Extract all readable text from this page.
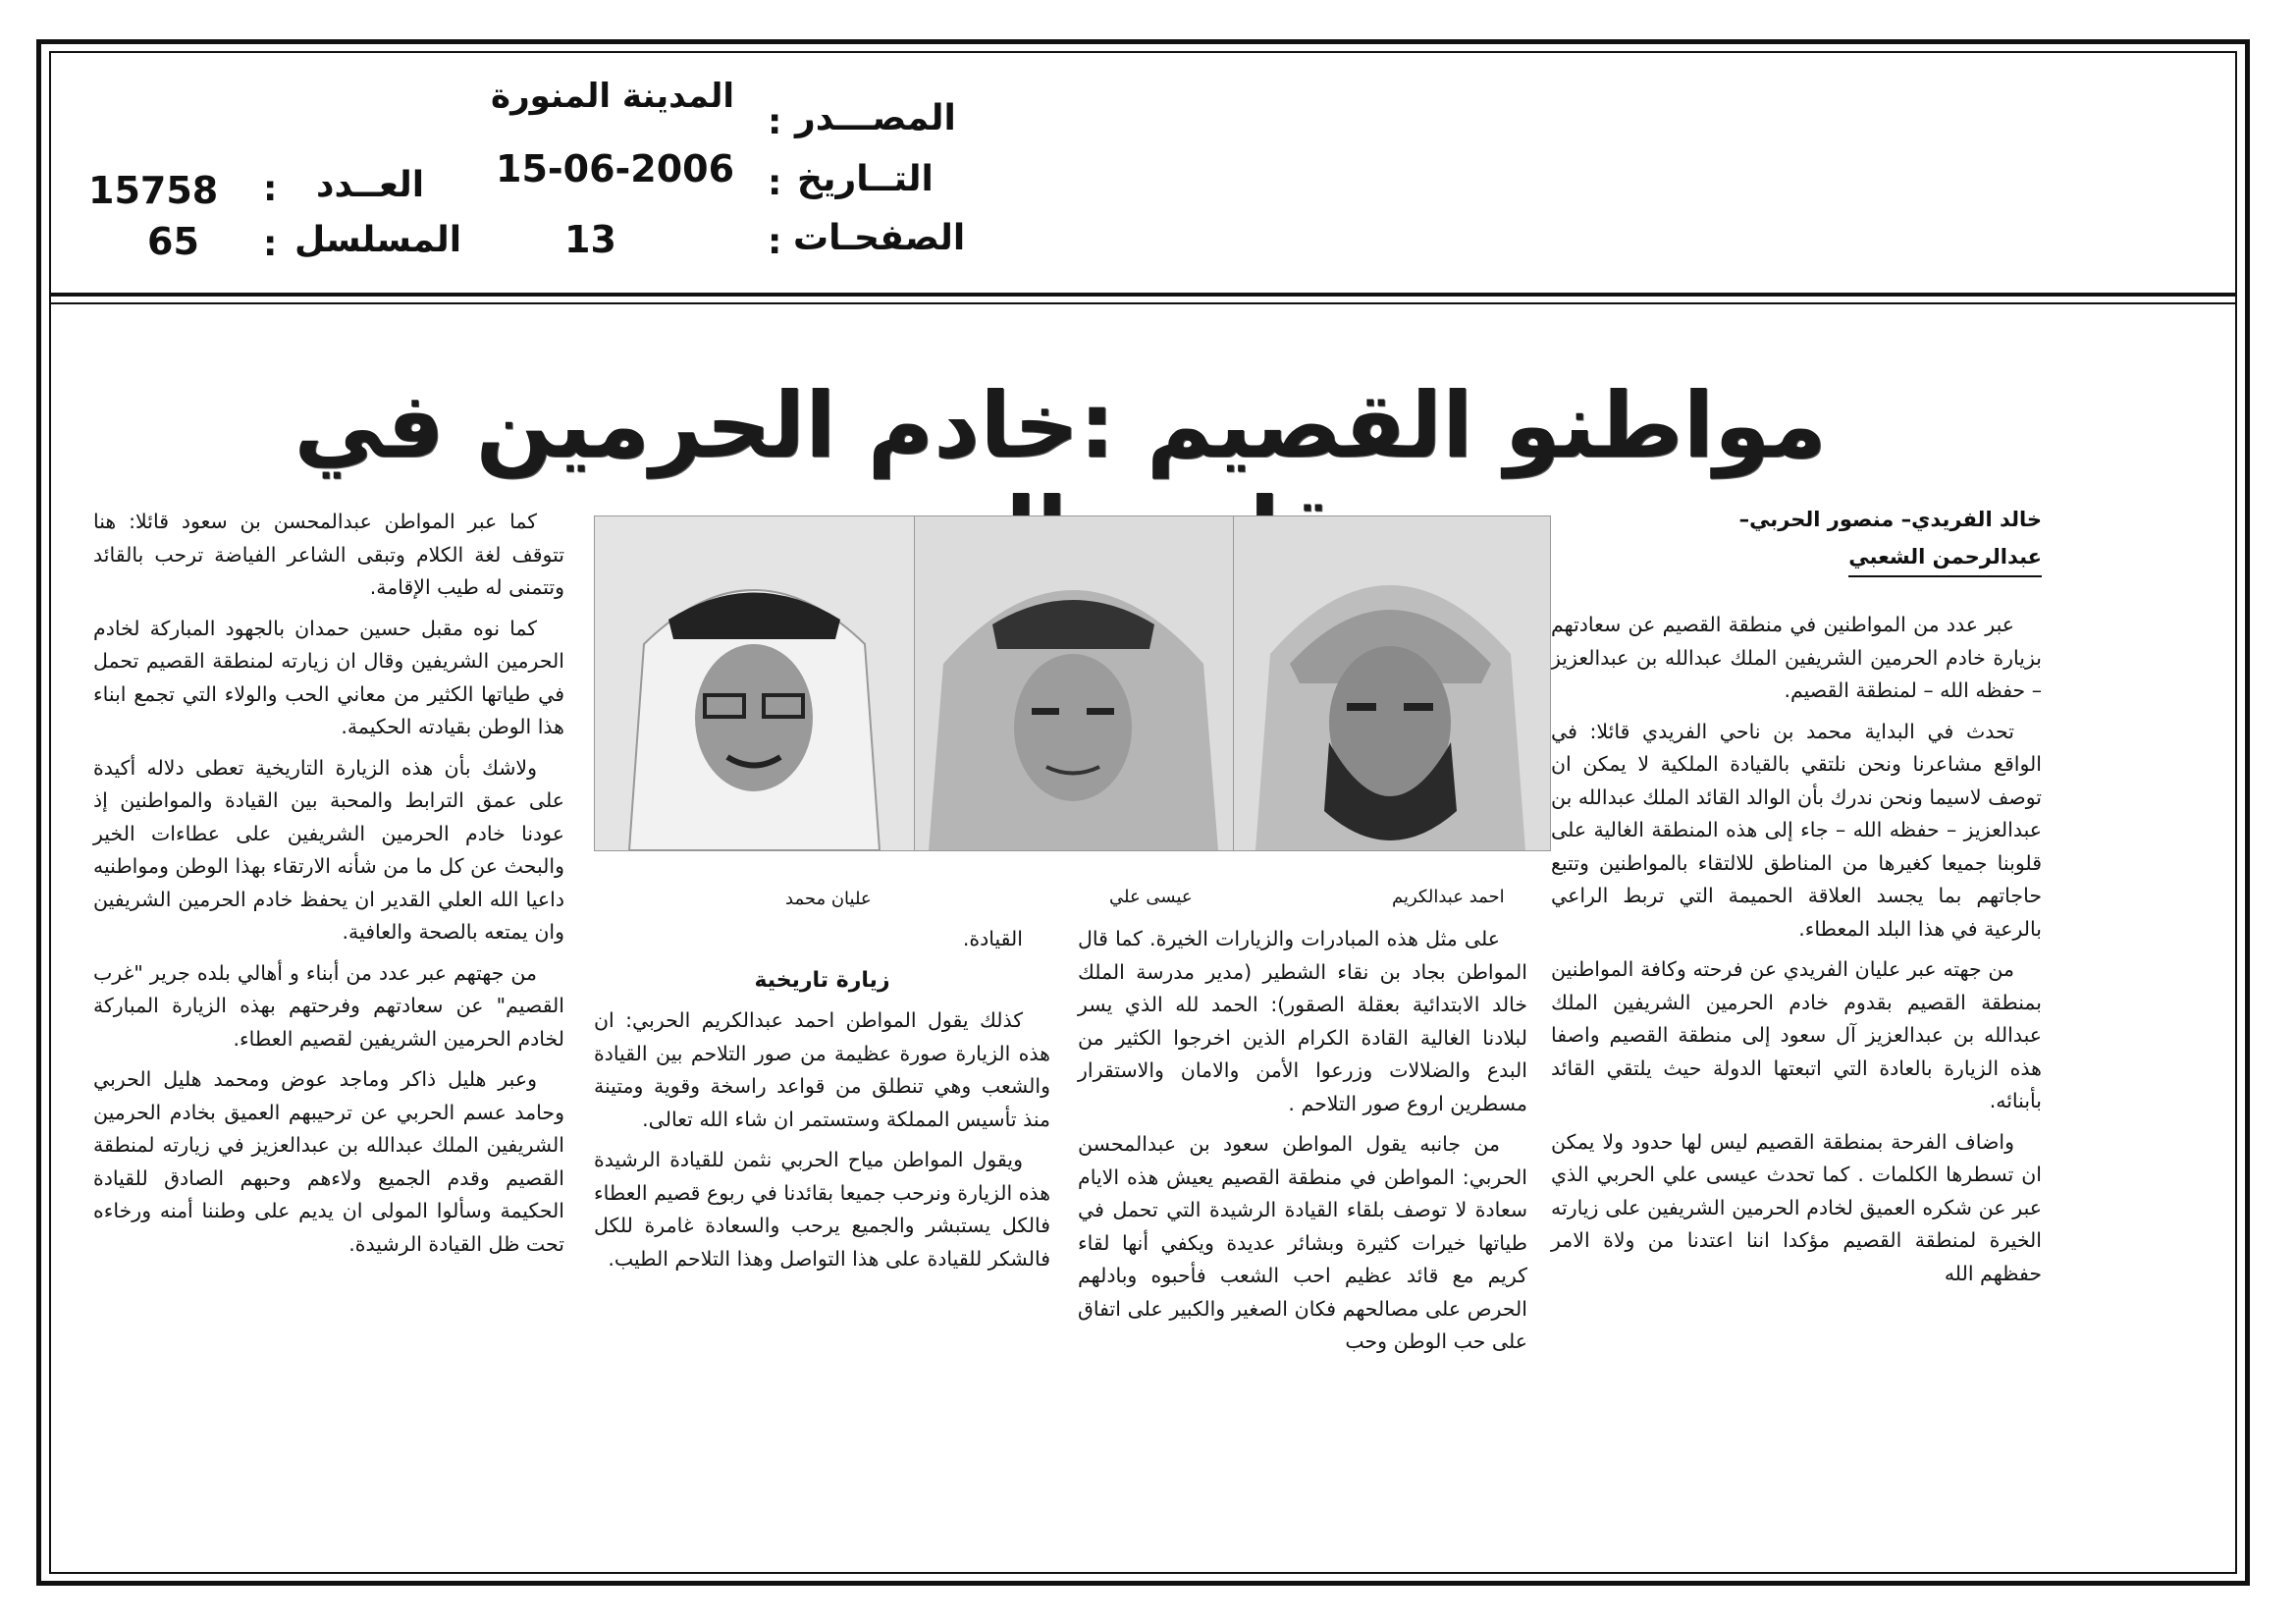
المصـــدر
:
المدينة المنورة
التــاريخ
:
15-06-2006
الصفحـات
:
13
العــدد
:
15758
المسلسل
:
65
مواطنو القصيم :خادم الحرمين في
خالد الفريدي– منصور الحربي–
عبدالرحمن الشعبي

عبر عدد من المواطنين في منطقة القصيم عن سعادتهم بزيارة خادم الحرمين الشريفين الملك عبدالله بن عبدالعزيز – حفظه الله – لمنطقة القصيم.

تحدث في البداية محمد بن ناحي الفريدي قائلا: في الواقع مشاعرنا ونحن نلتقي بالقيادة الملكية لا يمكن ان توصف لاسيما ونحن ندرك بأن الوالد القائد الملك عبدالله بن عبدالعزيز – حفظه الله – جاء إلى هذه المنطقة الغالية على قلوبنا جميعا كغيرها من المناطق للالتقاء بالمواطنين وتتبع حاجاتهم بما يجسد العلاقة الحميمة التي تربط الراعي بالرعية في هذا البلد المعطاء.

من جهته عبر عليان الفريدي عن فرحته وكافة المواطنين بمنطقة القصيم بقدوم خادم الحرمين الشريفين الملك عبدالله بن عبدالعزيز آل سعود إلى منطقة القصيم واصفا هذه الزيارة بالعادة التي اتبعتها الدولة حيث يلتقي القائد بأبنائه.

واضاف الفرحة بمنطقة القصيم ليس لها حدود ولا يمكن ان تسطرها الكلمات . كما تحدث عيسى علي الحربي الذي عبر عن شكره العميق لخادم الحرمين الشريفين على زيارته الخيرة لمنطقة القصيم مؤكدا اننا اعتدنا من ولاة الامر حفظهم الله

احمد عبدالكريم
عيسى علي
عليان محمد

على مثل هذه المبادرات والزيارات الخيرة. كما قال المواطن بجاد بن نقاء الشطير (مدير مدرسة الملك خالد الابتدائية بعقلة الصقور): الحمد لله الذي يسر لبلادنا الغالية القادة الكرام الذين اخرجوا الكثير من البدع والضلالات وزرعوا الأمن والامان والاستقرار مسطرين اروع صور التلاحم .

من جانبه يقول المواطن سعود بن عبدالمحسن الحربي: المواطن في منطقة القصيم يعيش هذه الايام سعادة لا توصف بلقاء القيادة الرشيدة التي تحمل في طياتها خيرات كثيرة وبشائر عديدة ويكفي أنها لقاء كريم مع قائد عظيم احب الشعب فأحبوه وبادلهم الحرص على مصالحهم فكان الصغير والكبير على اتفاق على حب الوطن وحب

القيادة.

زيارة تاريخية

كذلك يقول المواطن احمد عبدالكريم الحربي: ان هذه الزيارة صورة عظيمة من صور التلاحم بين القيادة والشعب وهي تنطلق من قواعد راسخة وقوية ومتينة منذ تأسيس المملكة وستستمر ان شاء الله تعالى.

ويقول المواطن مياح الحربي نثمن للقيادة الرشيدة هذه الزيارة ونرحب جميعا بقائدنا في ربوع قصيم العطاء فالكل يستبشر والجميع يرحب والسعادة غامرة للكل فالشكر للقيادة على هذا التواصل وهذا التلاحم الطيب.

كما عبر المواطن عبدالمحسن بن سعود قائلا: هنا تتوقف لغة الكلام وتبقى الشاعر الفياضة ترحب بالقائد وتتمنى له طيب الإقامة.

كما نوه مقبل حسين حمدان بالجهود المباركة لخادم الحرمين الشريفين وقال ان زيارته لمنطقة القصيم تحمل في طياتها الكثير من معاني الحب والولاء التي تجمع ابناء هذا الوطن بقيادته الحكيمة.

ولاشك بأن هذه الزيارة التاريخية تعطى دلاله أكيدة على عمق الترابط والمحبة بين القيادة والمواطنين إذ عودنا خادم الحرمين الشريفين على عطاءات الخير والبحث عن كل ما من شأنه الارتقاء بهذا الوطن ومواطنيه داعيا الله العلي القدير ان يحفظ خادم الحرمين الشريفين وان يمتعه بالصحة والعافية.

من جهتهم عبر عدد من أبناء و أهالي بلده جرير "غرب القصيم" عن سعادتهم وفرحتهم بهذه الزيارة المباركة لخادم الحرمين الشريفين لقصيم العطاء.

وعبر هليل ذاكر وماجد عوض ومحمد هليل الحربي وحامد عسم الحربي عن ترحيبهم العميق بخادم الحرمين الشريفين الملك عبدالله بن عبدالعزيز في زيارته لمنطقة القصيم وقدم الجميع ولاءهم وحبهم الصادق للقيادة الحكيمة وسألوا المولى ان يديم على وطننا أمنه ورخاءه تحت ظل القيادة الرشيدة.
